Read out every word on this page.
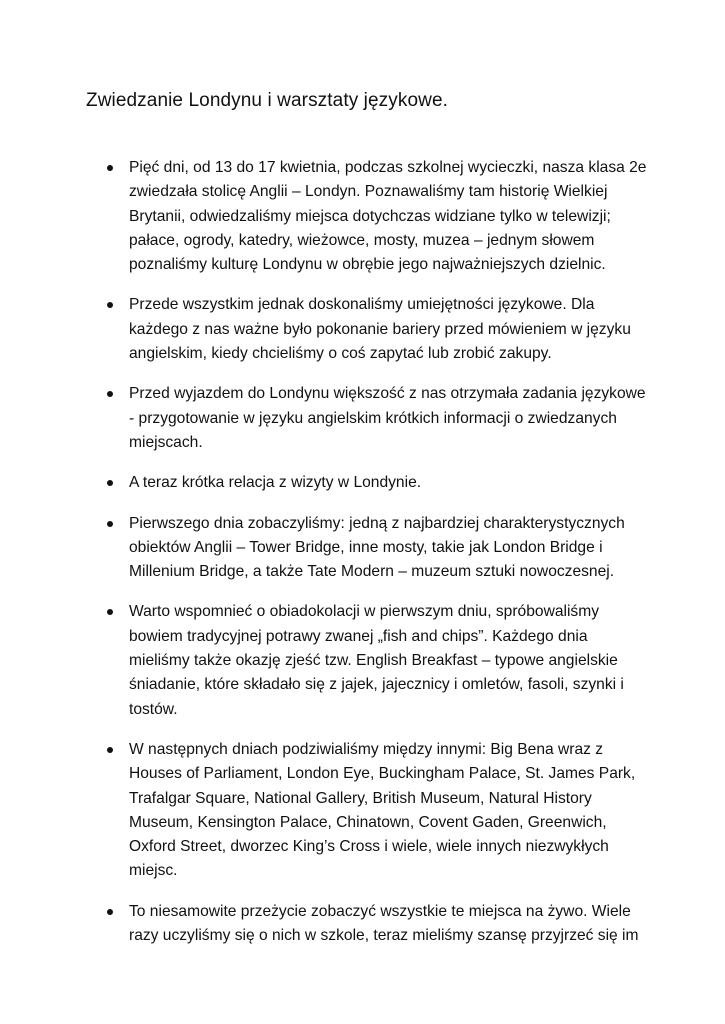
Zwiedzanie Londynu i warsztaty językowe.
Pięć dni, od 13 do 17 kwietnia, podczas szkolnej wycieczki, nasza klasa 2e zwiedzała stolicę Anglii – Londyn. Poznawaliśmy tam historię Wielkiej Brytanii, odwiedzaliśmy miejsca dotychczas widziane tylko w telewizji; pałace, ogrody, katedry, wieżowce, mosty, muzea – jednym słowem poznaliśmy kulturę Londynu w obrębie jego najważniejszych dzielnic.
Przede wszystkim jednak doskonaliśmy umiejętności językowe. Dla każdego z nas ważne było pokonanie bariery przed mówieniem w języku angielskim, kiedy chcieliśmy o coś zapytać lub zrobić zakupy.
Przed wyjazdem do Londynu większość z nas otrzymała zadania językowe - przygotowanie w języku angielskim krótkich informacji o zwiedzanych miejscach.
A teraz krótka relacja z wizyty w Londynie.
Pierwszego dnia zobaczyliśmy: jedną z najbardziej charakterystycznych obiektów Anglii – Tower Bridge, inne mosty, takie jak London Bridge i Millenium Bridge, a także Tate Modern – muzeum sztuki nowoczesnej.
Warto wspomnieć o obiadokolacji w pierwszym dniu, spróbowaliśmy bowiem tradycyjnej potrawy zwanej „fish and chips”. Każdego dnia mieliśmy także okazję zjeść tzw. English Breakfast – typowe angielskie śniadanie, które składało się z jajek, jajecznicy i omletów, fasoli, szynki i tostów.
W następnych dniach podziwialiśmy między innymi: Big Bena wraz z Houses of Parliament, London Eye, Buckingham Palace, St. James Park, Trafalgar Square, National Gallery, British Museum, Natural History Museum, Kensington Palace, Chinatown, Covent Gaden, Greenwich, Oxford Street, dworzec King’s Cross i wiele, wiele innych niezwykłych miejsc.
To niesamowite przeżycie zobaczyć wszystkie te miejsca na żywo. Wiele razy uczyliśmy się o nich w szkole, teraz mieliśmy szansę przyjrzeć się im
